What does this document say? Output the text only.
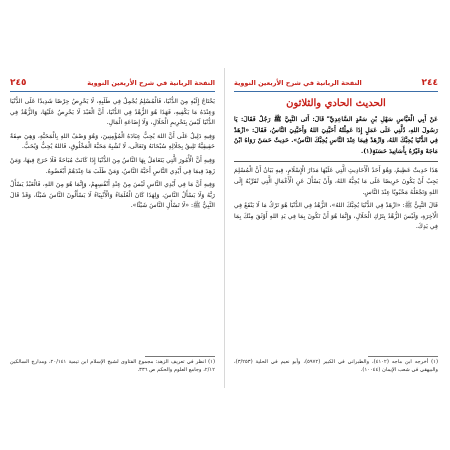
٢٤٥	النفحة الربانية في شرح الأربعين النووية

يَحْتَاجُ إِلَيْهِ مِنَ الدُّنْيَا، فَالْمُسْلِمُ يُجْمِلُ فِي طَلَبِهِ، لَا يَحْرِصُ حِرْصًا شَدِيدًا عَلَى الدُّنْيَا وَعِنْدَهُ مَا يَكْفِيهِ، فَهَذَا هُوَ الزُّهْدُ فِي الدُّنْيَا، أَنَّ الْعَبْدَ لَا يَحْرِصُ عَلَيْهَا، وَالزُّهْدُ فِي الدُّنْيَا لَيْسَ بِتَحْرِيمِ الْحَلَالِ، وَلَا إِضَاعَةِ الْمَالِ.

وَفِيهِ دَلِيلٌ عَلَى أَنَّ اللهَ يُحِبُّ عِبَادَهُ الْمُؤْمِنِينَ، وَهُوَ وَصْفُ اللهِ بِالْمَحَبَّةِ، وَهِيَ صِفَةٌ حَقِيقِيَّةٌ تَلِيقُ بِجَلَالِهِ سُبْحَانَهُ وَتَعَالَى، لَا تُشْبِهُ مَحَبَّةَ الْمَخْلُوقِ، فَاللهُ يُحِبُّ وَيُحَبُّ.

وَفِيهِ أَنَّ الْأُمُورَ الَّتِي يَتَعَامَلُ بِهَا النَّاسُ مِنَ الدُّنْيَا إِذَا كَانَتْ مُبَاحَةً فَلَا حَرَجَ فِيهَا، وَمَنْ زَهِدَ فِيمَا فِي أَيْدِي النَّاسِ أَحَبَّهُ النَّاسُ، وَمَنْ طَلَبَ مَا عِنْدَهُمْ أَبْغَضُوهُ.

وَفِيهِ أَنَّ مَا فِي أَيْدِي النَّاسِ لَيْسَ مِنْ عِنْدِ أَنْفُسِهِمْ، وَإِنَّمَا هُوَ مِنَ اللهِ، فَالْعَبْدُ يَسْأَلُ رَبَّهُ وَلَا يَسْأَلُ النَّاسَ، وَلِهَذَا كَانَ الْعُلَمَاءُ وَالْأَنْبِيَاءُ لَا يَسْأَلُونَ النَّاسَ شَيْئًا، وَقَدْ قَالَ النَّبِيُّ ﷺ: «لَا تَسْأَلِ النَّاسَ شَيْئًا».

(١) انظر في تعريف الزهد: مجموع الفتاوى لشيخ الإسلام ابن تيمية ٢٠/١٤١، ومدارج السالكين ٢/١٢، وجامع العلوم والحكم ص ٣٣٦.
النفحة الربانية في شرح الأربعين النووية	٢٤٤
الحديث الحادي والثلاثون

عَنْ أَبِي الْعَبَّاسِ سَهْلِ بْنِ سَعْدٍ السَّاعِدِيِّ ؓ قَالَ: أَتَى النَّبِيَّ ﷺ رَجُلٌ فَقَالَ: يَا رَسُولَ اللهِ، دُلَّنِي عَلَى عَمَلٍ إِذَا عَمِلْتُهُ أَحَبَّنِيَ اللهُ وَأَحَبَّنِيَ النَّاسُ، فَقَالَ: «ازْهَدْ فِي الدُّنْيَا يُحِبَّكَ اللهُ، وَازْهَدْ فِيمَا عِنْدَ النَّاسِ يُحِبَّكَ النَّاسُ». حَدِيثٌ حَسَنٌ رَوَاهُ ابْنُ مَاجَهْ وَغَيْرُهُ بِأَسَانِيدَ حَسَنَةٍ(١).

هَذَا حَدِيثٌ عَظِيمٌ، وَهُوَ أَحَدُ الْأَحَادِيثِ الَّتِي عَلَيْهَا مَدَارُ الْإِسْلَامِ، فِيهِ بَيَانُ أَنَّ الْمُسْلِمَ يَجِبُ أَنْ يَكُونَ حَرِيصًا عَلَى مَا يُحِبُّهُ اللهُ، وَأَنْ يَسْأَلَ عَنِ الْأَعْمَالِ الَّتِي تُقَرِّبُهُ إِلَى اللهِ وَتَجْعَلُهُ مَحْبُوبًا عِنْدَ النَّاسِ.

قَالَ النَّبِيُّ ﷺ: «ازْهَدْ فِي الدُّنْيَا يُحِبَّكَ اللهُ»، الزُّهْدُ فِي الدُّنْيَا هُوَ تَرْكُ مَا لَا يَنْفَعُ فِي الْآخِرَةِ، وَلَيْسَ الزُّهْدُ بِتَرْكِ الْحَلَالِ، وَإِنَّمَا هُوَ أَنْ تَكُونَ بِمَا فِي يَدِ اللهِ أَوْثَقَ مِنْكَ بِمَا فِي يَدِكَ.

(١) أخرجه ابن ماجه (٤١٠٢)، والطبراني في الكبير (٥٩٧٢)، وأبو نعيم في الحلية (٣/٢٥٣)، والبيهقي في شعب الإيمان (١٠٠٤٤).
